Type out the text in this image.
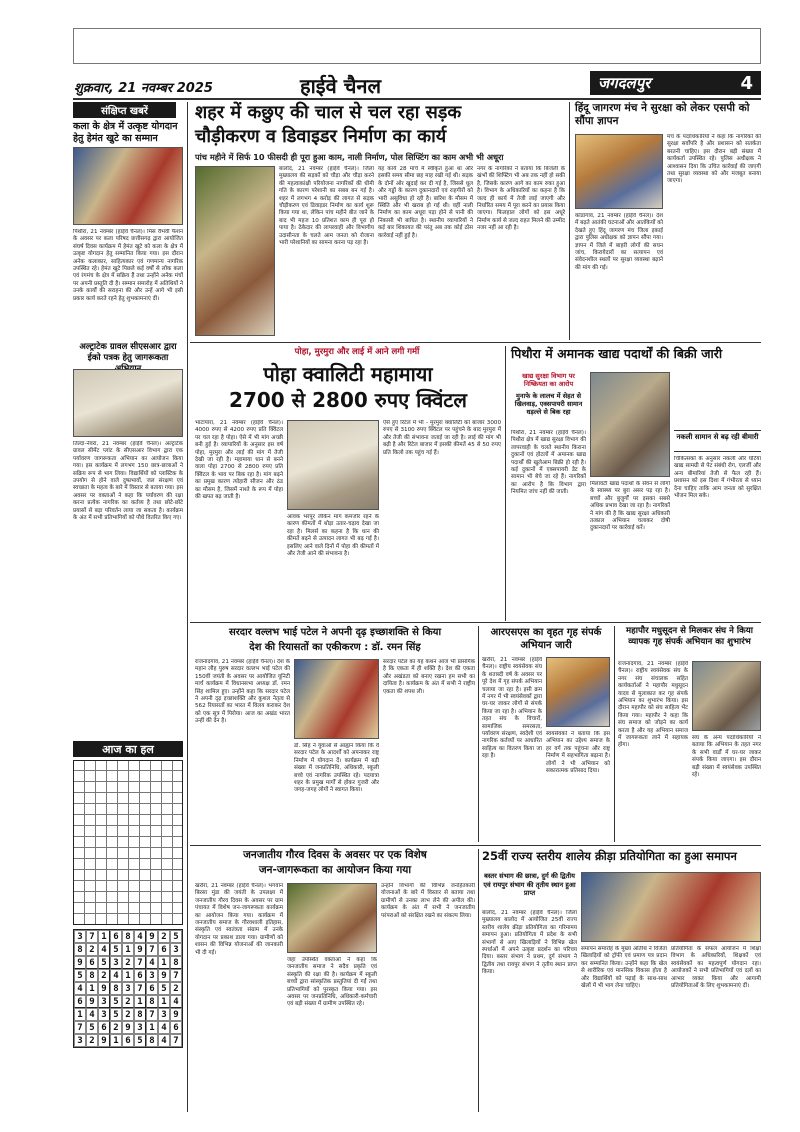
शुक्रवार, 21 नवम्बर 2025	हाईवे चैनल	जगदलपुर	4
संक्षिप्त खबरें
कला के क्षेत्र में उत्कृष्ट योगदान हेतु हेमंत खुटे का सम्मान
पिथौरा, 21 नवम्बर (हाईवे चैनल)। मिस वैभवी फैशन के अवसर पर कला परिषद छत्तीसगढ़ द्वारा आयोजित संघर्ष दिवस कार्यक्रम में हेमंत खुटे को कला के क्षेत्र में उत्कृष्ट योगदान हेतु सम्मानित किया गया। इस दौरान अनेक कलाकार, साहित्यकार एवं गणमान्य नागरिक उपस्थित रहे। हेमंत खुटे पिछले कई वर्षों से लोक कला एवं रंगमंच के क्षेत्र में सक्रिय हैं तथा उन्होंने अनेक मंचों पर अपनी प्रस्तुति दी है। सम्मान समारोह में अतिथियों ने उनके कार्यों की सराहना की और उन्हें आगे भी इसी प्रकार कार्य करते रहने हेतु शुभकामनाएं दीं।
अल्ट्राटेक ग्रावल सीएसआर द्वारा ईको पत्रक हेतु जागरूकता
तिल्दा-नेवरा, 21 नवम्बर (हाईवे चैनल)। अल्ट्राटेक ग्रावल सीमेंट प्लांट के सीएसआर विभाग द्वारा एक पर्यावरण जागरूकता अभियान का आयोजन किया गया। इस कार्यक्रम में लगभग 150 छात्र-छात्राओं ने सक्रिय रूप से भाग लिया। विद्यार्थियों को प्लास्टिक के उपयोग से होने वाले दुष्प्रभावों, जल संरक्षण एवं स्वच्छता के महत्व के बारे में विस्तार से बताया गया। इस अवसर पर वक्ताओं ने कहा कि पर्यावरण की रक्षा करना प्रत्येक नागरिक का कर्तव्य है तथा छोटे-छोटे प्रयासों से बड़ा परिवर्तन लाया जा सकता है। कार्यक्रम के अंत में सभी प्रतिभागियों को पौधे वितरित किए गए।
आज का हल
3 7 1 6 8 4 9 2 5
8 2 4 5 1 9 7 6 3
9 6 5 3 2 7 4 1 8
5 8 2 4 1 6 3 9 7
4 1 9 8 3 7 6 5 2
6 9 3 5 2 1 8 1 4
1 4 3 5 2 8 7 3 9
7 5 6 2 9 3 1 4 6
3 2 9 1 6 5 8 4 7
शहर में कछुए की चाल से चल रहा सड़क
चौड़ीकरण व डिवाइडर निर्माण का कार्य
पांच महीने में सिर्फ 10 फीसदी ही पूरा हुआ काम, नाली निर्माण, पोल सिफ्टिंग का काम अभी भी अधूरा
बालोद, 21 नवम्बर (हाईवे चैनल)। जिला मुख्यालय की सड़कों को चौड़ा और चौड़ा करने की महत्वाकांक्षी परियोजना नागरिकों की धीमी गति के कारण परेशानी का सबब बन गई है। शहर में लगभग 4 करोड़ की लागत से सड़क चौड़ीकरण एवं डिवाइडर निर्माण का कार्य शुरू किया गया था, लेकिन पांच महीने बीत जाने के बाद भी महज 10 प्रतिशत काम ही पूरा हो पाया है। ठेकेदार की लापरवाही और विभागीय उदासीनता के चलते आम जनता को रोजाना भारी परेशानियों का सामना करना पड़ रहा है।
यह कार्य 28 मार्च में स्वीकृत हुआ था और इसकी समय सीमा छह माह रखी गई थी। सड़क के दोनों ओर खुदाई कर दी गई है, जिससे धूल और गड्ढों के कारण दुकानदारों एवं राहगीरों को भारी असुविधा हो रही है। बारिश के मौसम में स्थिति और भी खराब हो गई थी। वहीं नाली निर्माण का काम अधूरा पड़ा होने से पानी की निकासी भी बाधित है। स्थानीय व्यापारियों ने कई बार शिकायत की परंतु अब तक कोई ठोस कार्रवाई नहीं हुई है।
नगर के नागरिकों ने बताया कि बिजली के खंभों की शिफ्टिंग भी अब तक नहीं हो सकी है, जिसके कारण आगे का काम रुका हुआ है। विभाग के अधिकारियों का कहना है कि जल्द ही कार्य में तेजी लाई जाएगी और निर्धारित समय में पूरा करने का प्रयास किया जाएगा। फिलहाल लोगों को इस अधूरे निर्माण कार्य से जल्द राहत मिलने की उम्मीद नजर नहीं आ रही है।
हिंदू जागरण मंच ने सुरक्षा को लेकर एसपी को सौंपा ज्ञापन
कोंडागांव, 21 नवम्बर (हाईवे चैनल)। देश में बढ़ते आतंकी घटनाओं और आतंकियों को देखते हुए हिंदू जागरण मंच जिला इकाई द्वारा पुलिस अधीक्षक को ज्ञापन सौंपा गया। ज्ञापन में जिले में बाहरी लोगों की सघन जांच, किरायेदारों का सत्यापन एवं संवेदनशील स्थलों पर सुरक्षा व्यवस्था बढ़ाने की मांग की गई।
मंच के पदाधिकारियों ने कहा कि नागरिकों की सुरक्षा सर्वोपरि है और प्रशासन को सतर्कता बरतनी चाहिए। इस दौरान बड़ी संख्या में कार्यकर्ता उपस्थित रहे। पुलिस अधीक्षक ने आश्वासन दिया कि उचित कार्रवाई की जाएगी तथा सुरक्षा व्यवस्था को और मजबूत बनाया जाएगा।
पोहा, मुरमुरा और लाई में आने लगी गर्मी
पोहा क्वालिटी महामाया
2700 से 2800 रुपए क्विंटल
भाटापारा, 21 नवम्बर (हाईवे चैनल)। 4000 रुपए से 4200 रुपए प्रति क्विंटल पर चल रहा है पोहा। ऐसे में भी मांग अच्छी बनी हुई है। व्यापारियों के अनुसार इस वर्ष पोहा, मुरमुरा और लाई की मांग में तेजी देखी जा रही है। महामाया धान से बनने वाला पोहा 2700 से 2800 रुपए प्रति क्विंटल के भाव पर बिक रहा है। मांग बढ़ने का प्रमुख कारण त्योहारी सीजन और ठंड का मौसम है, जिसमें नाश्ते के रूप में पोहा की खपत बढ़ जाती है।
आवक भरपूर लेकिन मांग कमजोर रहने के कारण कीमतों में थोड़ा उतार-चढ़ाव देखा जा रहा है। मिलर्स का कहना है कि धान की कीमतें बढ़ने से उत्पादन लागत भी बढ़ गई है। इसलिए आने वाले दिनों में पोहा की कीमतों में और तेजी आने की संभावना है।
ऐसे हुए रिटेल में भी - मुरमुरा क्वालिटी को बाजार 3000 रुपए से 3100 रुपए क्विंटल पर पहुंचने के बाद मुरमुरा में और तेजी की संभावना जताई जा रही है। लाई की मांग भी बढ़ी है और रिटेल बाजार में इसकी कीमतें 45 से 50 रुपए प्रति किलो तक पहुंच गई हैं।
पिथौरा में अमानक खाद्य पदार्थों की बिक्री जारी
खाद्य सुरक्षा विभाग पर निष्क्रियता का आरोप
मुनाफे के लालच में सेहत से खिलवाड़, एक्सपायरी सामान धड़ल्ले से बिक रहा
पिथौरा, 21 नवम्बर (हाईवे चैनल)। पिथौरा क्षेत्र में खाद्य सुरक्षा विभाग की लापरवाही के चलते स्थानीय किराना दुकानों एवं होटलों में अमानक खाद्य पदार्थों की खुलेआम बिक्री हो रही है। कई दुकानों में एक्सपायरी डेट के सामान भी बेचे जा रहे हैं। नागरिकों का आरोप है कि विभाग द्वारा नियमित जांच नहीं की जाती।
मिलावटी खाद्य पदार्थों के सेवन से लोगों के स्वास्थ्य पर बुरा असर पड़ रहा है। बच्चों और बुजुर्गों पर इसका सबसे अधिक प्रभाव देखा जा रहा है। नागरिकों ने मांग की है कि खाद्य सुरक्षा अधिकारी तत्काल अभियान चलाकर दोषी दुकानदारों पर कार्रवाई करें।
नकली सामान से बढ़ रही बीमारी
चिकित्सकों के अनुसार नकली और घटिया खाद्य सामग्री से पेट संबंधी रोग, एलर्जी और अन्य बीमारियां तेजी से फैल रही हैं। प्रशासन को इस दिशा में गंभीरता से ध्यान देना चाहिए ताकि आम जनता को सुरक्षित भोजन मिल सके।
सरदार वल्लभ भाई पटेल ने अपनी दृढ़ इच्छाशक्ति से किया
देश की रियासतों का एकीकरण : डॉ. रमन सिंह
राजनांदगांव, 21 नवम्बर (हाईवे चैनल)। देश के महान लौह पुरुष सरदार वल्लभ भाई पटेल की 150वीं जयंती के अवसर पर आयोजित यूनिटी मार्च कार्यक्रम में विधानसभा अध्यक्ष डॉ. रमन सिंह शामिल हुए। उन्होंने कहा कि सरदार पटेल ने अपनी दृढ़ इच्छाशक्ति और कुशल नेतृत्व से 562 रियासतों का भारत में विलय कराकर देश को एक सूत्र में पिरोया। आज का अखंड भारत उन्हीं की देन है।
डॉ. सिंह ने युवाओं से आह्वान किया कि वे सरदार पटेल के आदर्शों को अपनाकर राष्ट्र निर्माण में योगदान दें। कार्यक्रम में बड़ी संख्या में जनप्रतिनिधि, अधिकारी, स्कूली बच्चे एवं नागरिक उपस्थित रहे। पदयात्रा शहर के प्रमुख मार्गों से होकर गुजरी और जगह-जगह लोगों ने स्वागत किया।
सरदार पटेल का यह कथन आज भी प्रासंगिक है कि एकता में ही शक्ति है। देश की एकता और अखंडता को बनाए रखना हम सभी का दायित्व है। कार्यक्रम के अंत में सभी ने राष्ट्रीय एकता की शपथ ली।
आरएसएस का वृहत गृह संपर्क अभियान जारी
खरोरा, 21 नवम्बर (हाईवे चैनल)। राष्ट्रीय स्वयंसेवक संघ के शताब्दी वर्ष के अवसर पर पूरे देश में गृह संपर्क अभियान चलाया जा रहा है। इसी क्रम में नगर में भी स्वयंसेवकों द्वारा घर-घर जाकर लोगों से संपर्क किया जा रहा है। अभियान के तहत संघ के विचारों, सामाजिक समरसता, पर्यावरण संरक्षण, स्वदेशी एवं नागरिक कर्तव्यों पर आधारित साहित्य का वितरण किया जा रहा है।
स्वयंसेवकों ने बताया कि इस अभियान का उद्देश्य समाज के हर वर्ग तक पहुंचना और राष्ट्र निर्माण में सहभागिता बढ़ाना है। लोगों ने भी अभियान को सकारात्मक प्रतिसाद दिया।
महापौर मधुसूदन से मिलकर संघ ने किया व्यापक गृह संपर्क अभियान का शुभारंभ
राजनांदगांव, 21 नवम्बर (हाईवे चैनल)। राष्ट्रीय स्वयंसेवक संघ के नगर संघ संचालक सहित कार्यकर्ताओं ने महापौर मधुसूदन यादव से मुलाकात कर गृह संपर्क अभियान का शुभारंभ किया। इस दौरान महापौर को संघ साहित्य भेंट किया गया। महापौर ने कहा कि संघ समाज को जोड़ने का कार्य करता है और यह अभियान समाज में जागरूकता लाने में सहायक होगा।
संघ के अन्य पदाधिकारियों ने बताया कि अभियान के तहत नगर के सभी वार्डों में घर-घर जाकर संपर्क किया जाएगा। इस दौरान बड़ी संख्या में स्वयंसेवक उपस्थित रहे।
जनजातीय गौरव दिवस के अवसर पर एक विशेष
जन-जागरूकता का आयोजन किया गया
खरोरा, 21 नवम्बर (हाईवे चैनल)। भगवान बिरसा मुंडा की जयंती के उपलक्ष्य में जनजातीय गौरव दिवस के अवसर पर ग्राम पंचायत में विशेष जन-जागरूकता कार्यक्रम का आयोजन किया गया। कार्यक्रम में जनजातीय समाज के गौरवशाली इतिहास, संस्कृति एवं स्वतंत्रता संग्राम में उनके योगदान पर प्रकाश डाला गया। ग्रामीणों को शासन की विभिन्न योजनाओं की जानकारी भी दी गई।
जहां उपस्थित वक्ताओं ने कहा कि जनजातीय समाज ने सदैव प्रकृति एवं संस्कृति की रक्षा की है। कार्यक्रम में स्कूली बच्चों द्वारा सांस्कृतिक प्रस्तुतियां दी गईं तथा प्रतिभागियों को पुरस्कृत किया गया। इस अवसर पर जनप्रतिनिधि, अधिकारी-कर्मचारी एवं बड़ी संख्या में ग्रामीण उपस्थित रहे।
उन्होंने विभागों की विभिन्न जनहितकारी योजनाओं के बारे में विस्तार से बताया तथा ग्रामीणों से उनका लाभ लेने की अपील की। कार्यक्रम के अंत में सभी ने जनजातीय परंपराओं को संरक्षित रखने का संकल्प लिया।
25वीं राज्य स्तरीय शालेय क्रीड़ा प्रतियोगिता का हुआ समापन
बस्तर संभाग की छात्रा, दुर्ग की द्वितीय एवं रायपुर संभाग की तृतीय स्थान हुआ प्राप्त
बालोद, 21 नवम्बर (हाईवे चैनल)। जिला मुख्यालय बालोद में आयोजित 25वीं राज्य स्तरीय शालेय क्रीड़ा प्रतियोगिता का गरिमामय समापन हुआ। प्रतियोगिता में प्रदेश के सभी संभागों से आए खिलाड़ियों ने विभिन्न खेल स्पर्धाओं में अपने उत्कृष्ट प्रदर्शन का परिचय दिया। बस्तर संभाग ने प्रथम, दुर्ग संभाग ने द्वितीय तथा रायपुर संभाग ने तृतीय स्थान प्राप्त किया।
समापन समारोह के मुख्य अतिथि ने विजेता खिलाड़ियों को ट्रॉफी एवं प्रमाण पत्र प्रदान कर सम्मानित किया। उन्होंने कहा कि खेल से शारीरिक एवं मानसिक विकास होता है और विद्यार्थियों को पढ़ाई के साथ-साथ खेलों में भी भाग लेना चाहिए।
प्रतियोगिता के सफल आयोजन में शिक्षा विभाग के अधिकारियों, शिक्षकों एवं स्वयंसेवकों का महत्वपूर्ण योगदान रहा। आयोजकों ने सभी प्रतिभागियों एवं दलों का आभार व्यक्त किया और आगामी प्रतियोगिताओं के लिए शुभकामनाएं दीं।
